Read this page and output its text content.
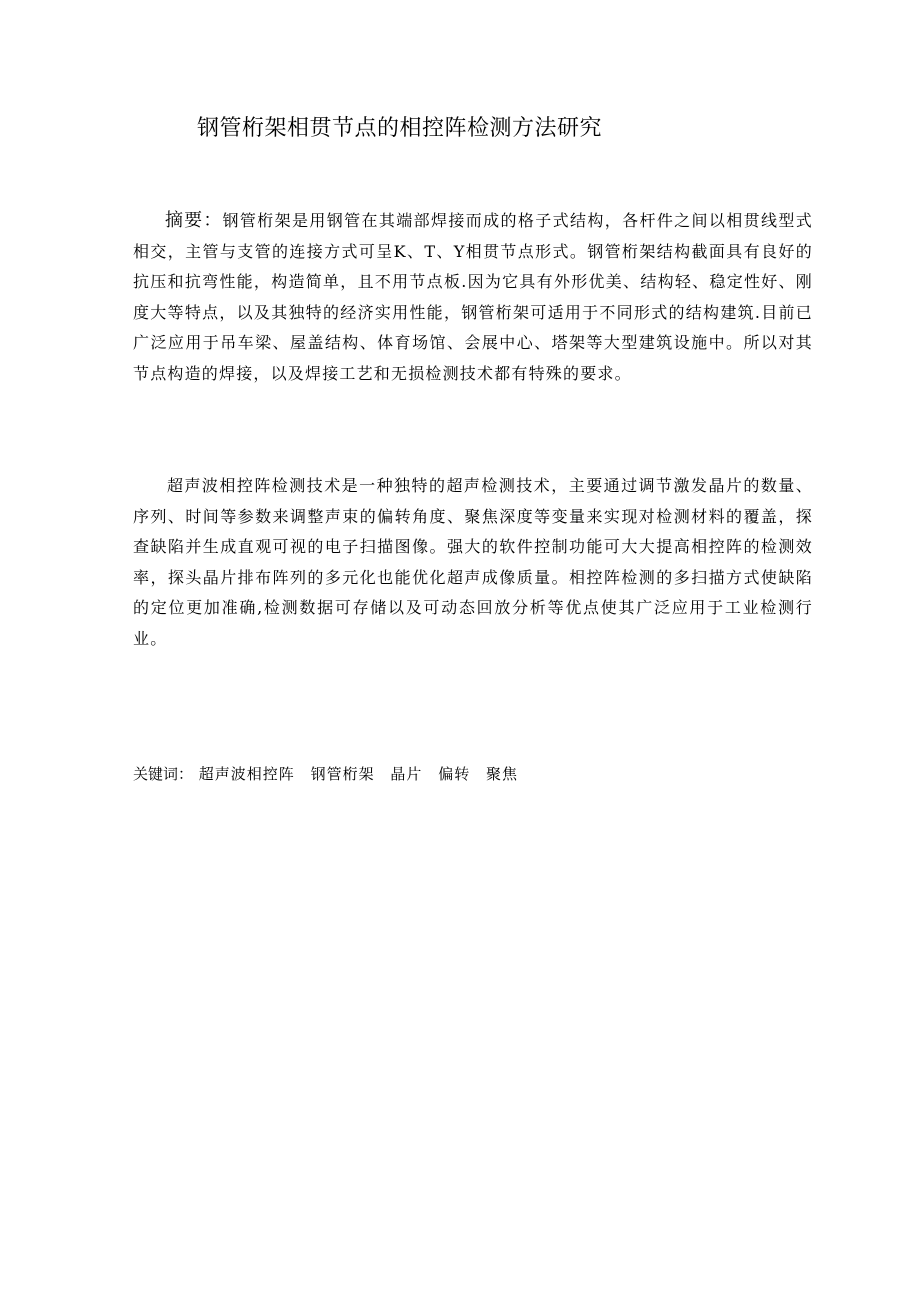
钢管桁架相贯节点的相控阵检测方法研究

摘要：钢管桁架是用钢管在其端部焊接而成的格子式结构，各杆件之间以相贯线型式相交，主管与支管的连接方式可呈K、T、Y相贯节点形式。钢管桁架结构截面具有良好的抗压和抗弯性能，构造简单，且不用节点板.因为它具有外形优美、结构轻、稳定性好、刚度大等特点，以及其独特的经济实用性能，钢管桁架可适用于不同形式的结构建筑.目前已广泛应用于吊车梁、屋盖结构、体育场馆、会展中心、塔架等大型建筑设施中。所以对其节点构造的焊接，以及焊接工艺和无损检测技术都有特殊的要求。

超声波相控阵检测技术是一种独特的超声检测技术，主要通过调节激发晶片的数量、序列、时间等参数来调整声束的偏转角度、聚焦深度等变量来实现对检测材料的覆盖，探查缺陷并生成直观可视的电子扫描图像。强大的软件控制功能可大大提高相控阵的检测效率，探头晶片排布阵列的多元化也能优化超声成像质量。相控阵检测的多扫描方式使缺陷的定位更加准确,检测数据可存储以及可动态回放分析等优点使其广泛应用于工业检测行业。

关键词： 超声波相控阵 钢管桁架 晶片 偏转 聚焦
